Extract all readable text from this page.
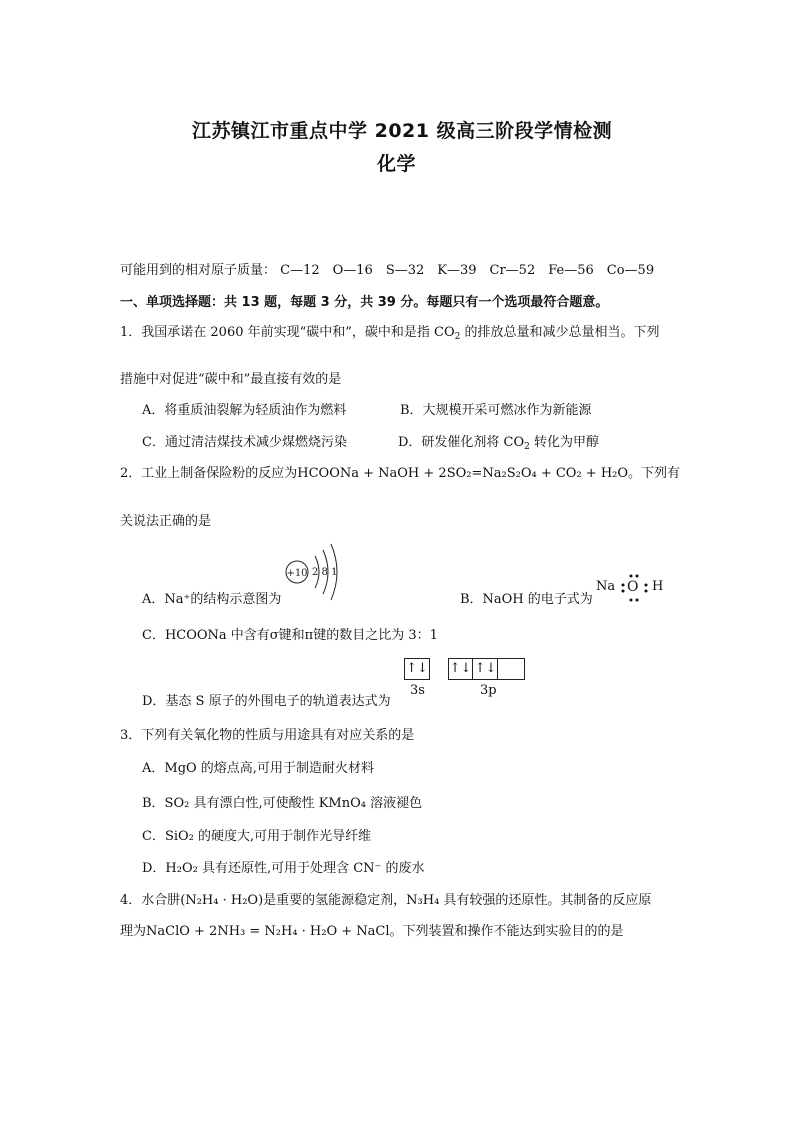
江苏镇江市重点中学 2021 级高三阶段学情检测
化学
可能用到的相对原子质量： C—12　O—16　S—32　K—39　Cr—52　Fe—56　Co—59
一、单项选择题：共 13 题，每题 3 分，共 39 分。每题只有一个选项最符合题意。
1．我国承诺在 2060 年前实现“碳中和”，碳中和是指 $CO_2$ 的排放总量和减少总量相当。下列
措施中对促进“碳中和”最直接有效的是
A．将重质油裂解为轻质油作为燃料	B．大规模开采可燃冰作为新能源
C．通过清洁煤技术减少煤燃烧污染	D．研发催化剂将 $CO_2$ 转化为甲醇
2．工业上制备保险粉的反应为HCOONa + NaOH + 2SO₂=Na₂S₂O₄ + CO₂ + H₂O。下列有
关说法正确的是
A．Na⁺的结构示意图为
+10 2 8 1
B．NaOH 的电子式为
Na O H
C．HCOONa 中含有σ键和π键的数目之比为 3：1
D．基态 S 原子的外围电子的轨道表达式为
↑↓
3s
↑↓ ↑↓
3p
3．下列有关氧化物的性质与用途具有对应关系的是
A．MgO 的熔点高,可用于制造耐火材料
B．SO₂ 具有漂白性,可使酸性 KMnO₄ 溶液褪色
C．SiO₂ 的硬度大,可用于制作光导纤维
D．H₂O₂ 具有还原性,可用于处理含 CN⁻ 的废水
4．水合肼(N₂H₄ · H₂O)是重要的氢能源稳定剂，N₃H₄ 具有较强的还原性。其制备的反应原
理为NaClO + 2NH₃ = N₂H₄ · H₂O + NaCl。下列装置和操作不能达到实验目的的是
